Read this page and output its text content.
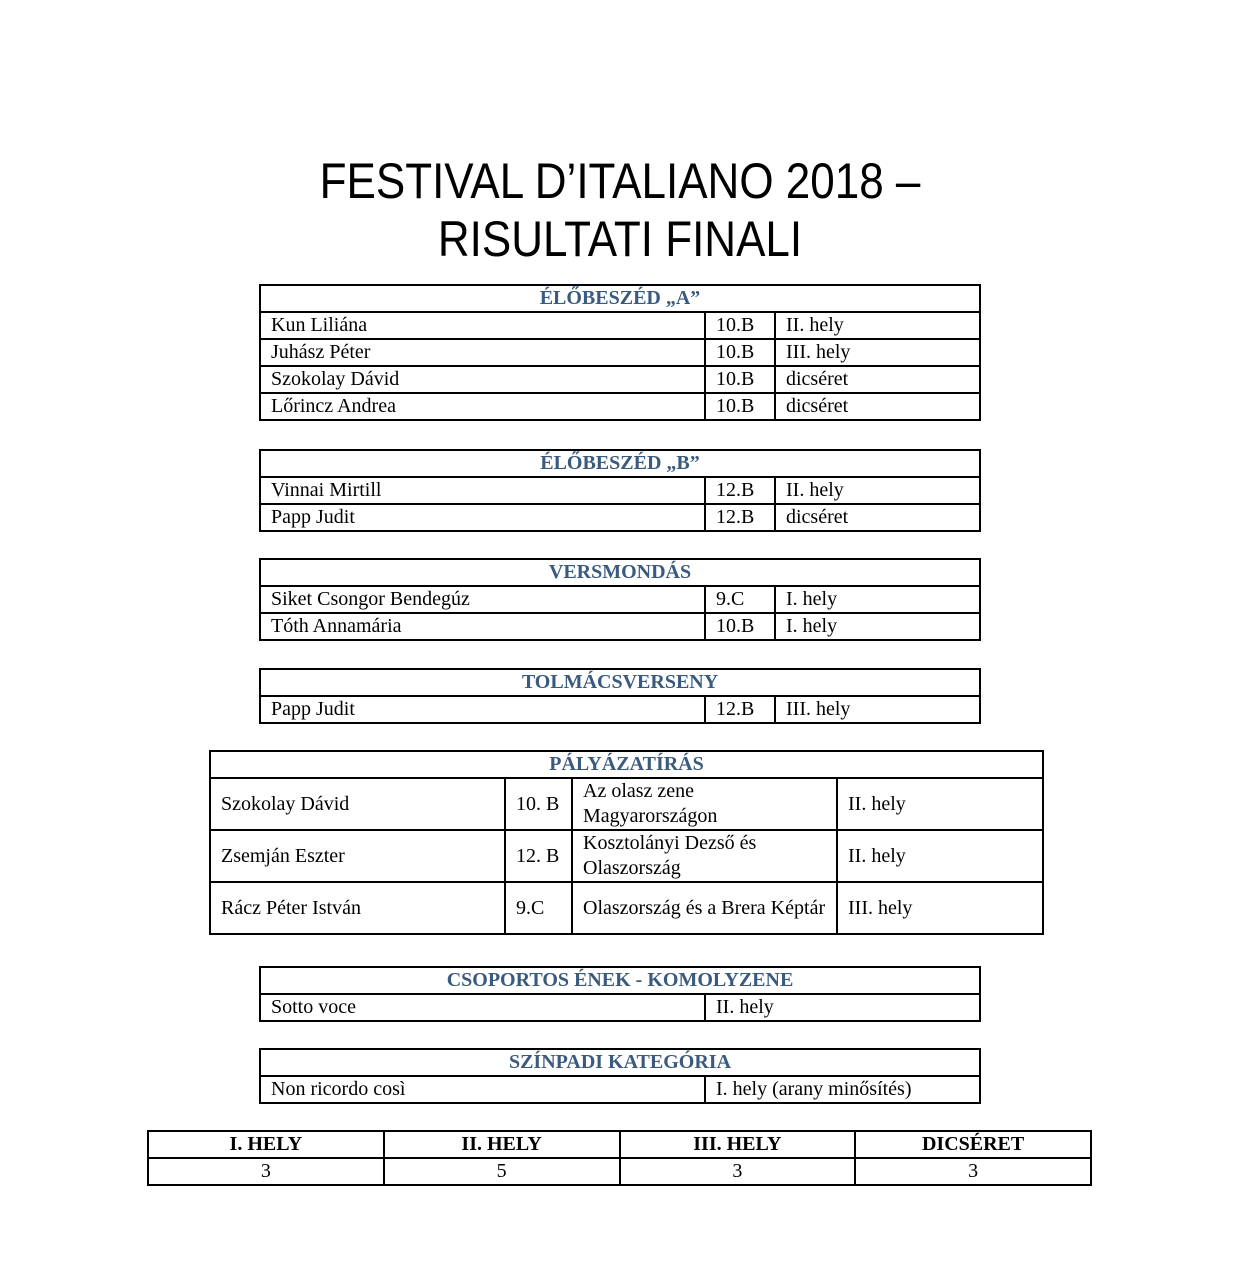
FESTIVAL D’ITALIANO 2018 –
RISULTATI FINALI
ÉLŐBESZÉD „A”		
Kun Liliána	10.B	II. hely
Juhász Péter	10.B	III. hely
Szokolay Dávid	10.B	dicséret
Lőrincz Andrea	10.B	dicséret
ÉLŐBESZÉD „B”		
Vinnai Mirtill	12.B	II. hely
Papp Judit	12.B	dicséret
VERSMONDÁS		
Siket Csongor Bendegúz	9.C	I. hely
Tóth Annamária	10.B	I. hely
TOLMÁCSVERSENY
Papp Judit	12.B	III. hely
PÁLYÁZATÍRÁS			
Szokolay Dávid	10. B	Az olasz zene Magyarországon	II. hely
Zsemján Eszter	12. B	Kosztolányi Dezső és Olaszország	II. hely
Rácz Péter István	9.C	Olaszország és a Brera Képtár	III. hely
CSOPORTOS ÉNEK - KOMOLYZENE
Sotto voce	II. hely
SZÍNPADI KATEGÓRIA
Non ricordo così	I. hely (arany minősítés)
I. HELY	II. HELY	III. HELY	DICSÉRET
3	5	3	3
